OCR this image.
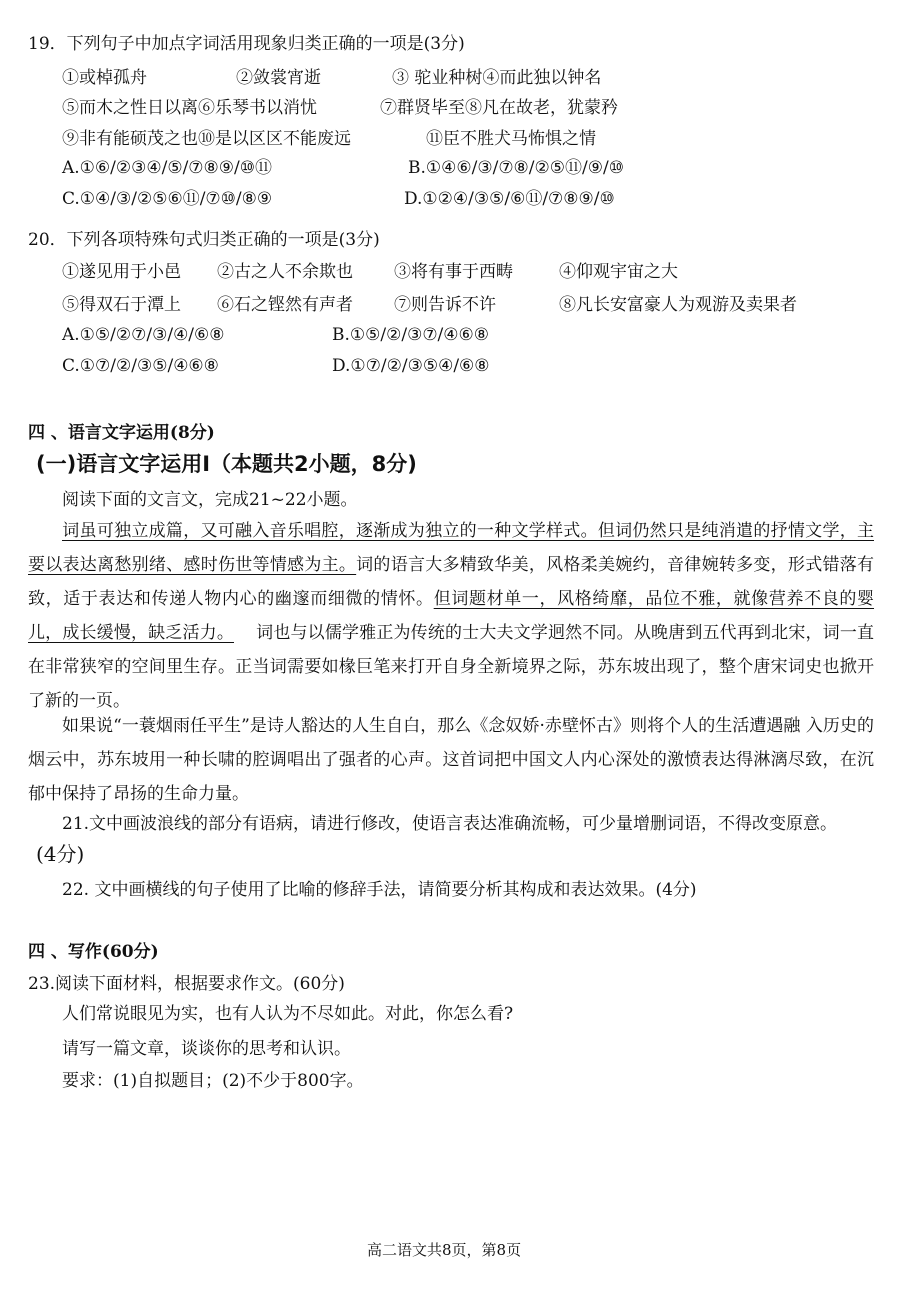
19．下列句子中加点字词活用现象归类正确的一项是(3分)
①或棹孤舟	②敛裳宵逝	③ 驼业种树④而此独以钟名
⑤而木之性日以离⑥乐琴书以消忧	⑦群贤毕至⑧凡在故老，犹蒙矜
⑨非有能硕茂之也⑩是以区区不能废远	⑪臣不胜犬马怖惧之情
A.①⑥/②③④/⑤/⑦⑧⑨/⑩⑪	B.①④⑥/③/⑦⑧/②⑤⑪/⑨/⑩
C.①④/③/②⑤⑥⑪/⑦⑩/⑧⑨	D.①②④/③⑤/⑥⑪/⑦⑧⑨/⑩
20．下列各项特殊句式归类正确的一项是(3分)
①遂见用于小邑 ②古之人不余欺也 ③将有事于西畴	④仰观宇宙之大
⑤得双石于潭上 ⑥石之铿然有声者 ⑦则告诉不许	⑧凡长安富豪人为观游及卖果者
A.①⑤/②⑦/③/④/⑥⑧	B.①⑤/②/③⑦/④⑥⑧
C.①⑦/②/③⑤/④⑥⑧	D.①⑦/②/③⑤④/⑥⑧
四 、语言文字运用(8分)
(一)语言文字运用I（本题共2小题，8分)
阅读下面的文言文，完成21~22小题。
词虽可独立成篇，又可融入音乐唱腔，逐渐成为独立的一种文学样式。但词仍然只是纯消遣的抒情文学，主要以表达离愁别绪、感时伤世等情感为主。词的语言大多精致华美，风格柔美婉约，音律婉转多变，形式错落有致，适于表达和传递人物内心的幽邃而细微的情怀。但词题材单一，风格绮靡，品位不雅，就像营养不良的婴儿，成长缓慢，缺乏活力。 词也与以儒学雅正为传统的士大夫文学迥然不同。从晚唐到五代再到北宋，词一直在非常狭窄的空间里生存。正当词需要如椽巨笔来打开自身全新境界之际，苏东坡出现了，整个唐宋词史也掀开了新的一页。
如果说“一蓑烟雨任平生”是诗人豁达的人生自白，那么《念奴娇·赤壁怀古》则将个人的生活遭遇融 入历史的烟云中，苏东坡用一种长啸的腔调唱出了强者的心声。这首词把中国文人内心深处的激愤表达得淋漓尽致，在沉郁中保持了昂扬的生命力量。
21.文中画波浪线的部分有语病，请进行修改，使语言表达准确流畅，可少量增删词语，不得改变原意。
(4分)
22. 文中画横线的句子使用了比喻的修辞手法，请简要分析其构成和表达效果。(4分)
四 、写作(60分)
23.阅读下面材料，根据要求作文。(60分)
人们常说眼见为实，也有人认为不尽如此。对此，你怎么看?
请写一篇文章，谈谈你的思考和认识。
要求：(1)自拟题目；(2)不少于800字。
高二语文共8页，第8页
